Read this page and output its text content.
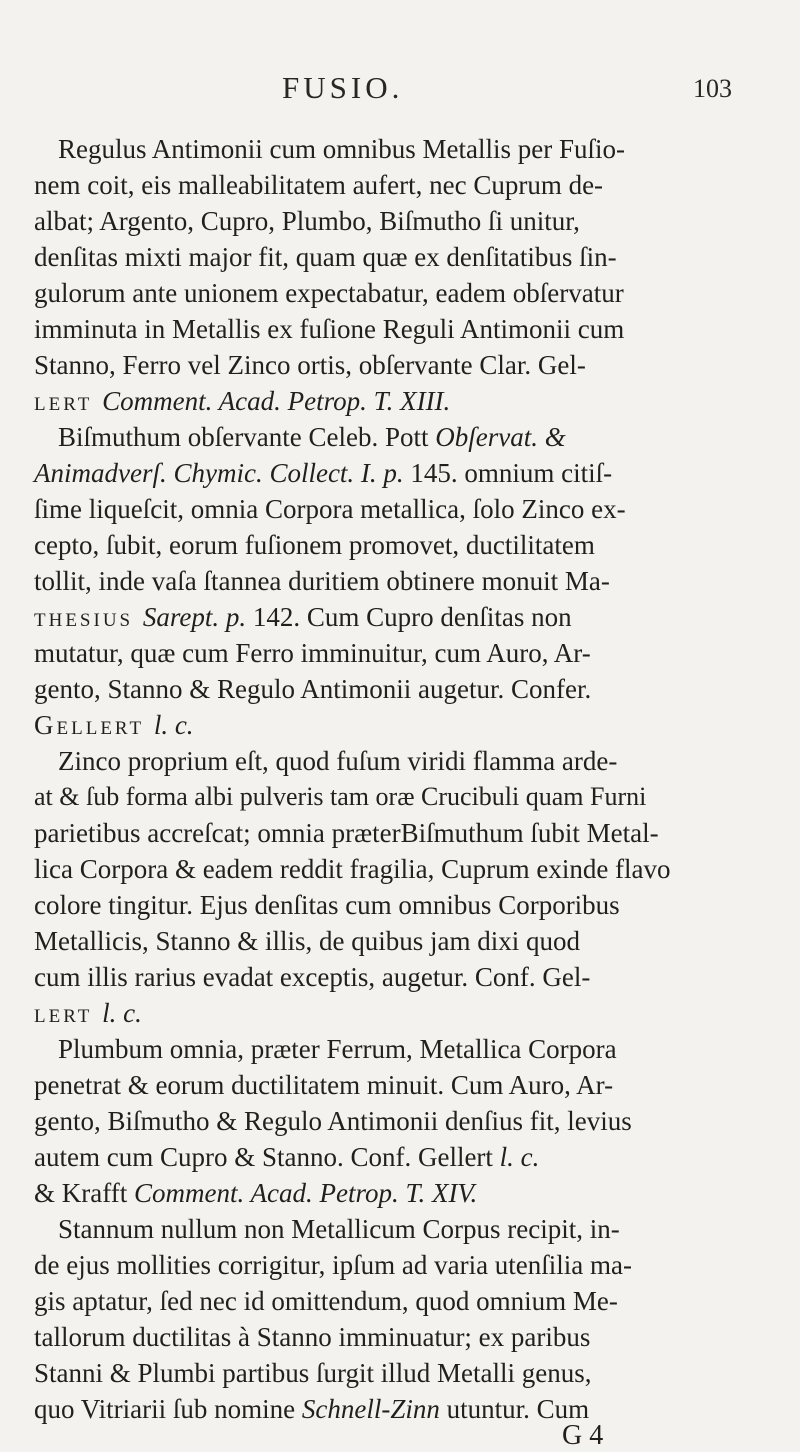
FUSIO.	103
Regulus Antimonii cum omnibus Metallis per Fuſio-
nem coit, eis malleabilitatem aufert, nec Cuprum de-
albat; Argento, Cupro, Plumbo, Biſmutho ſi unitur,
denſitas mixti major fit, quam quæ ex denſitatibus ſin-
gulorum ante unionem expectabatur, eadem obſervatur
imminuta in Metallis ex fuſione Reguli Antimonii cum
Stanno, Ferro vel Zinco ortis, obſervante Clar. Gel-
lert Comment. Acad. Petrop. T. XIII.
Biſmuthum obſervante Celeb. Pott Obſervat. &
Animadverſ. Chymic. Collect. I. p. 145. omnium citiſ-
ſime liqueſcit, omnia Corpora metallica, ſolo Zinco ex-
cepto, ſubit, eorum fuſionem promovet, ductilitatem
tollit, inde vaſa ſtannea duritiem obtinere monuit Ma-
thesius Sarept. p. 142. Cum Cupro denſitas non
mutatur, quæ cum Ferro imminuitur, cum Auro, Ar-
gento, Stanno & Regulo Antimonii augetur. Confer.
Gellert l. c.
Zinco proprium eſt, quod fuſum viridi flamma arde-
at & ſub forma albi pulveris tam oræ Crucibuli quam Furni
parietibus accreſcat; omnia præterBiſmuthum ſubit Metal-
lica Corpora & eadem reddit fragilia, Cuprum exinde flavo
colore tingitur. Ejus denſitas cum omnibus Corporibus
Metallicis, Stanno & illis, de quibus jam dixi quod
cum illis rarius evadat exceptis, augetur. Conf. Gel-
lert l. c.
Plumbum omnia, præter Ferrum, Metallica Corpora
penetrat & eorum ductilitatem minuit. Cum Auro, Ar-
gento, Biſmutho & Regulo Antimonii denſius fit, levius
autem cum Cupro & Stanno. Conf. Gellert l. c.
& Krafft Comment. Acad. Petrop. T. XIV.
Stannum nullum non Metallicum Corpus recipit, in-
de ejus mollities corrigitur, ipſum ad varia utenſilia ma-
gis aptatur, ſed nec id omittendum, quod omnium Me-
tallorum ductilitas à Stanno imminuatur; ex paribus
Stanni & Plumbi partibus ſurgit illud Metalli genus,
quo Vitriarii ſub nomine Schnell-Zinn utuntur. Cum
G 4
